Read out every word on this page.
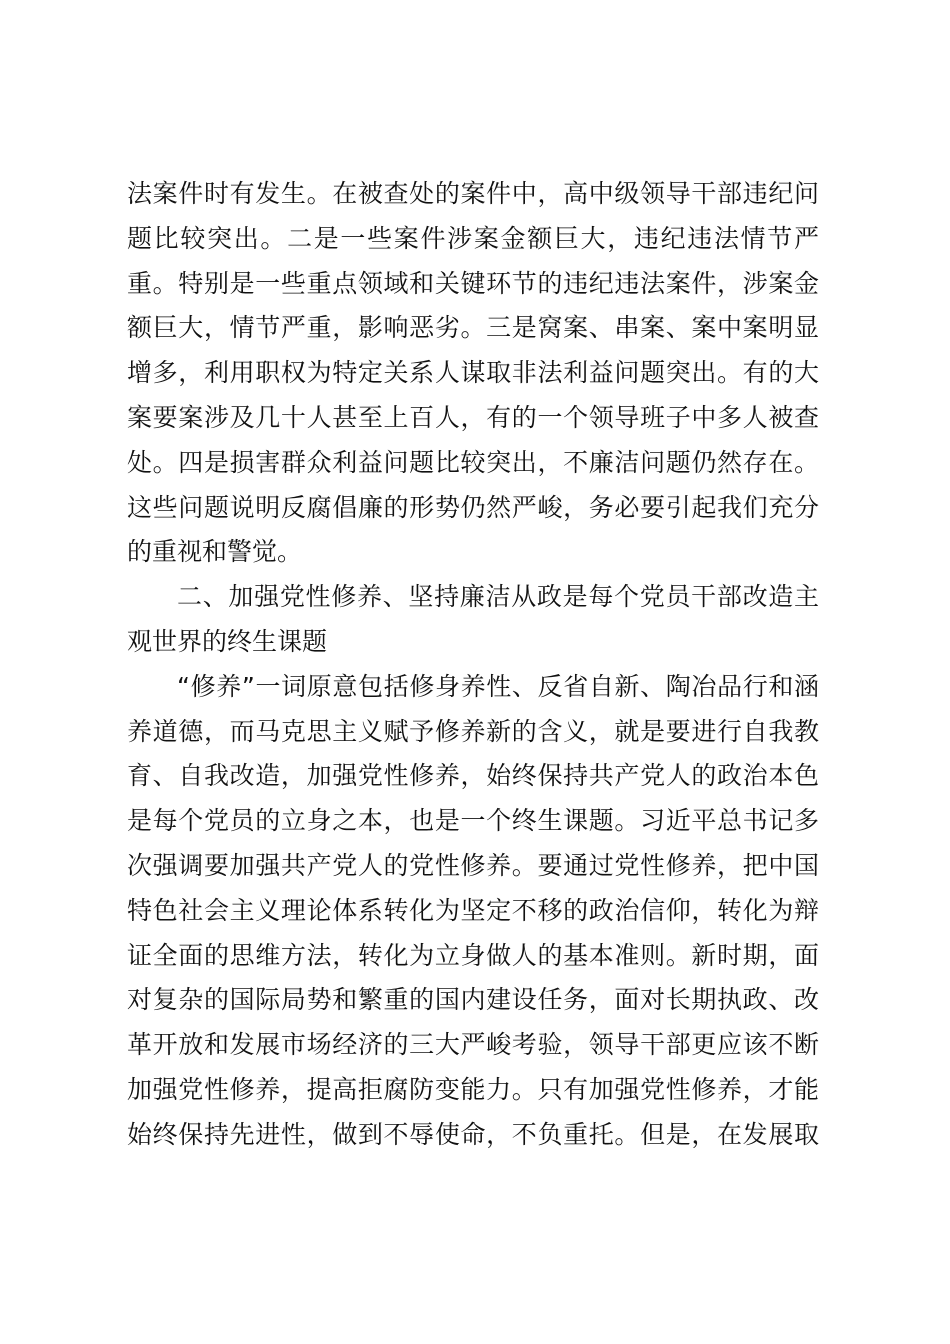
法案件时有发生。在被查处的案件中，高中级领导干部违纪问
题比较突出。二是一些案件涉案金额巨大，违纪违法情节严
重。特别是一些重点领域和关键环节的违纪违法案件，涉案金
额巨大，情节严重，影响恶劣。三是窝案、串案、案中案明显
增多，利用职权为特定关系人谋取非法利益问题突出。有的大
案要案涉及几十人甚至上百人，有的一个领导班子中多人被查
处。四是损害群众利益问题比较突出，不廉洁问题仍然存在。
这些问题说明反腐倡廉的形势仍然严峻，务必要引起我们充分
的重视和警觉。
二、加强党性修养、坚持廉洁从政是每个党员干部改造主
观世界的终生课题
“修养”一词原意包括修身养性、反省自新、陶冶品行和涵
养道德，而马克思主义赋予修养新的含义，就是要进行自我教
育、自我改造，加强党性修养，始终保持共产党人的政治本色
是每个党员的立身之本，也是一个终生课题。习近平总书记多
次强调要加强共产党人的党性修养。要通过党性修养，把中国
特色社会主义理论体系转化为坚定不移的政治信仰，转化为辩
证全面的思维方法，转化为立身做人的基本准则。新时期，面
对复杂的国际局势和繁重的国内建设任务，面对长期执政、改
革开放和发展市场经济的三大严峻考验，领导干部更应该不断
加强党性修养，提高拒腐防变能力。只有加强党性修养，才能
始终保持先进性，做到不辱使命，不负重托。但是，在发展取
